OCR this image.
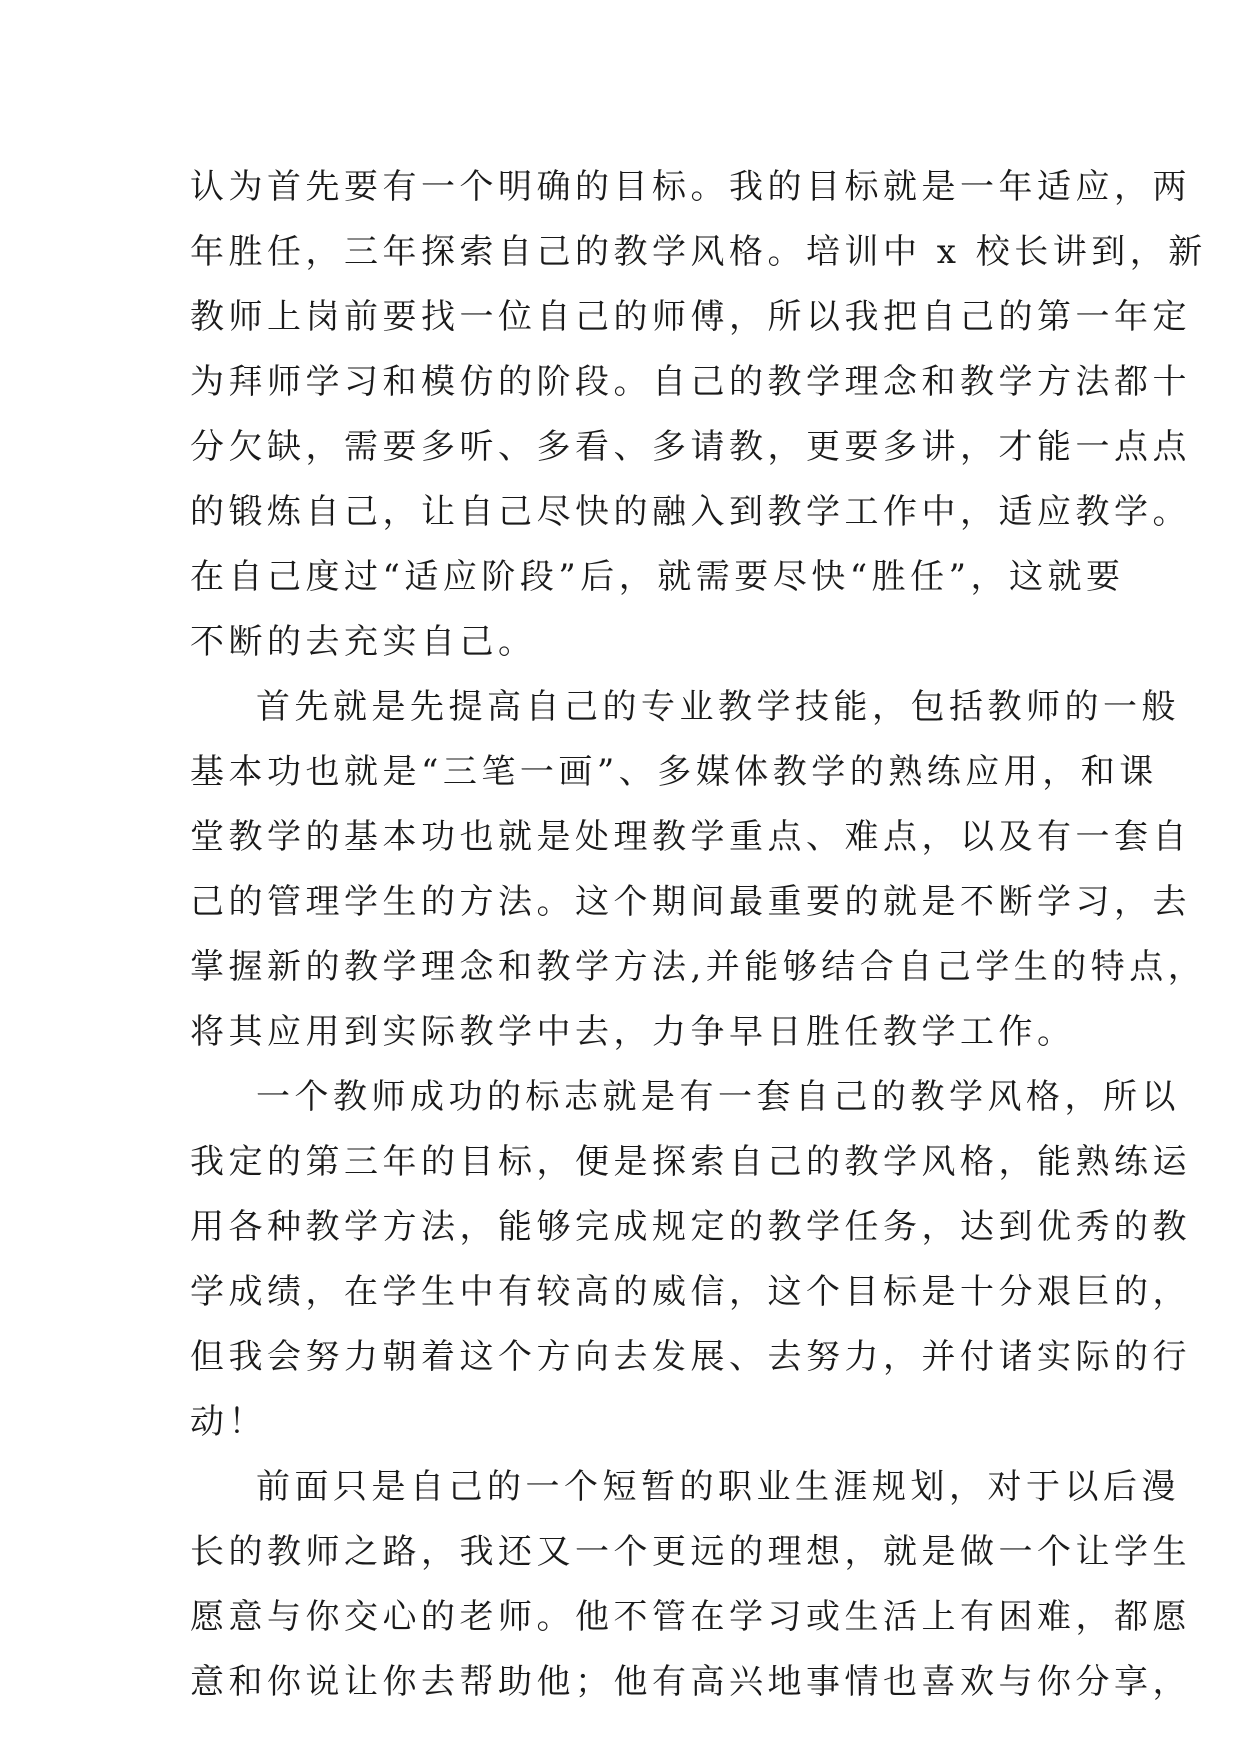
认为首先要有一个明确的目标。我的目标就是一年适应，两
年胜任，三年探索自己的教学风格。培训中 x 校长讲到，新
教师上岗前要找一位自己的师傅，所以我把自己的第一年定
为拜师学习和模仿的阶段。自己的教学理念和教学方法都十
分欠缺，需要多听、多看、多请教，更要多讲，才能一点点
的锻炼自己，让自己尽快的融入到教学工作中，适应教学。
在自己度过“适应阶段”后，就需要尽快“胜任”，这就要
不断的去充实自己。
首先就是先提高自己的专业教学技能，包括教师的一般
基本功也就是“三笔一画”、多媒体教学的熟练应用，和课
堂教学的基本功也就是处理教学重点、难点，以及有一套自
己的管理学生的方法。这个期间最重要的就是不断学习，去
掌握新的教学理念和教学方法,并能够结合自己学生的特点，
将其应用到实际教学中去，力争早日胜任教学工作。
一个教师成功的标志就是有一套自己的教学风格，所以
我定的第三年的目标，便是探索自己的教学风格，能熟练运
用各种教学方法，能够完成规定的教学任务，达到优秀的教
学成绩，在学生中有较高的威信，这个目标是十分艰巨的，
但我会努力朝着这个方向去发展、去努力，并付诸实际的行
动！
前面只是自己的一个短暂的职业生涯规划，对于以后漫
长的教师之路，我还又一个更远的理想，就是做一个让学生
愿意与你交心的老师。他不管在学习或生活上有困难，都愿
意和你说让你去帮助他；他有高兴地事情也喜欢与你分享，
